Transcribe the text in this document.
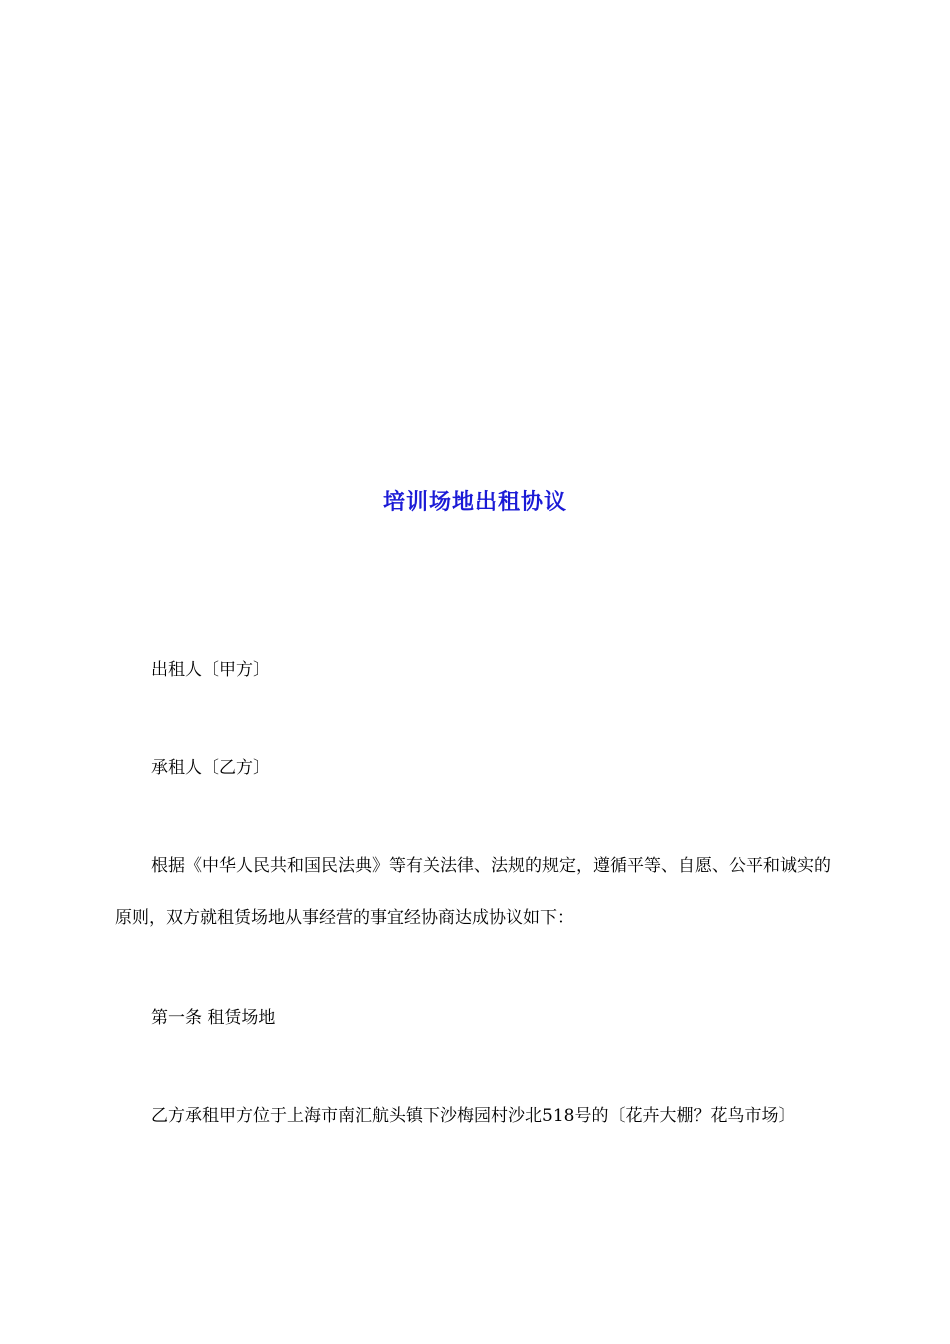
培训场地出租协议

出租人〔甲方〕

承租人〔乙方〕

根据《中华人民共和国民法典》等有关法律、法规的规定，遵循平等、自愿、公平和诚实的原则，双方就租赁场地从事经营的事宜经协商达成协议如下：

第一条 租赁场地

乙方承租甲方位于上海市南汇航头镇下沙梅园村沙北518号的〔花卉大棚？花鸟市场〕
